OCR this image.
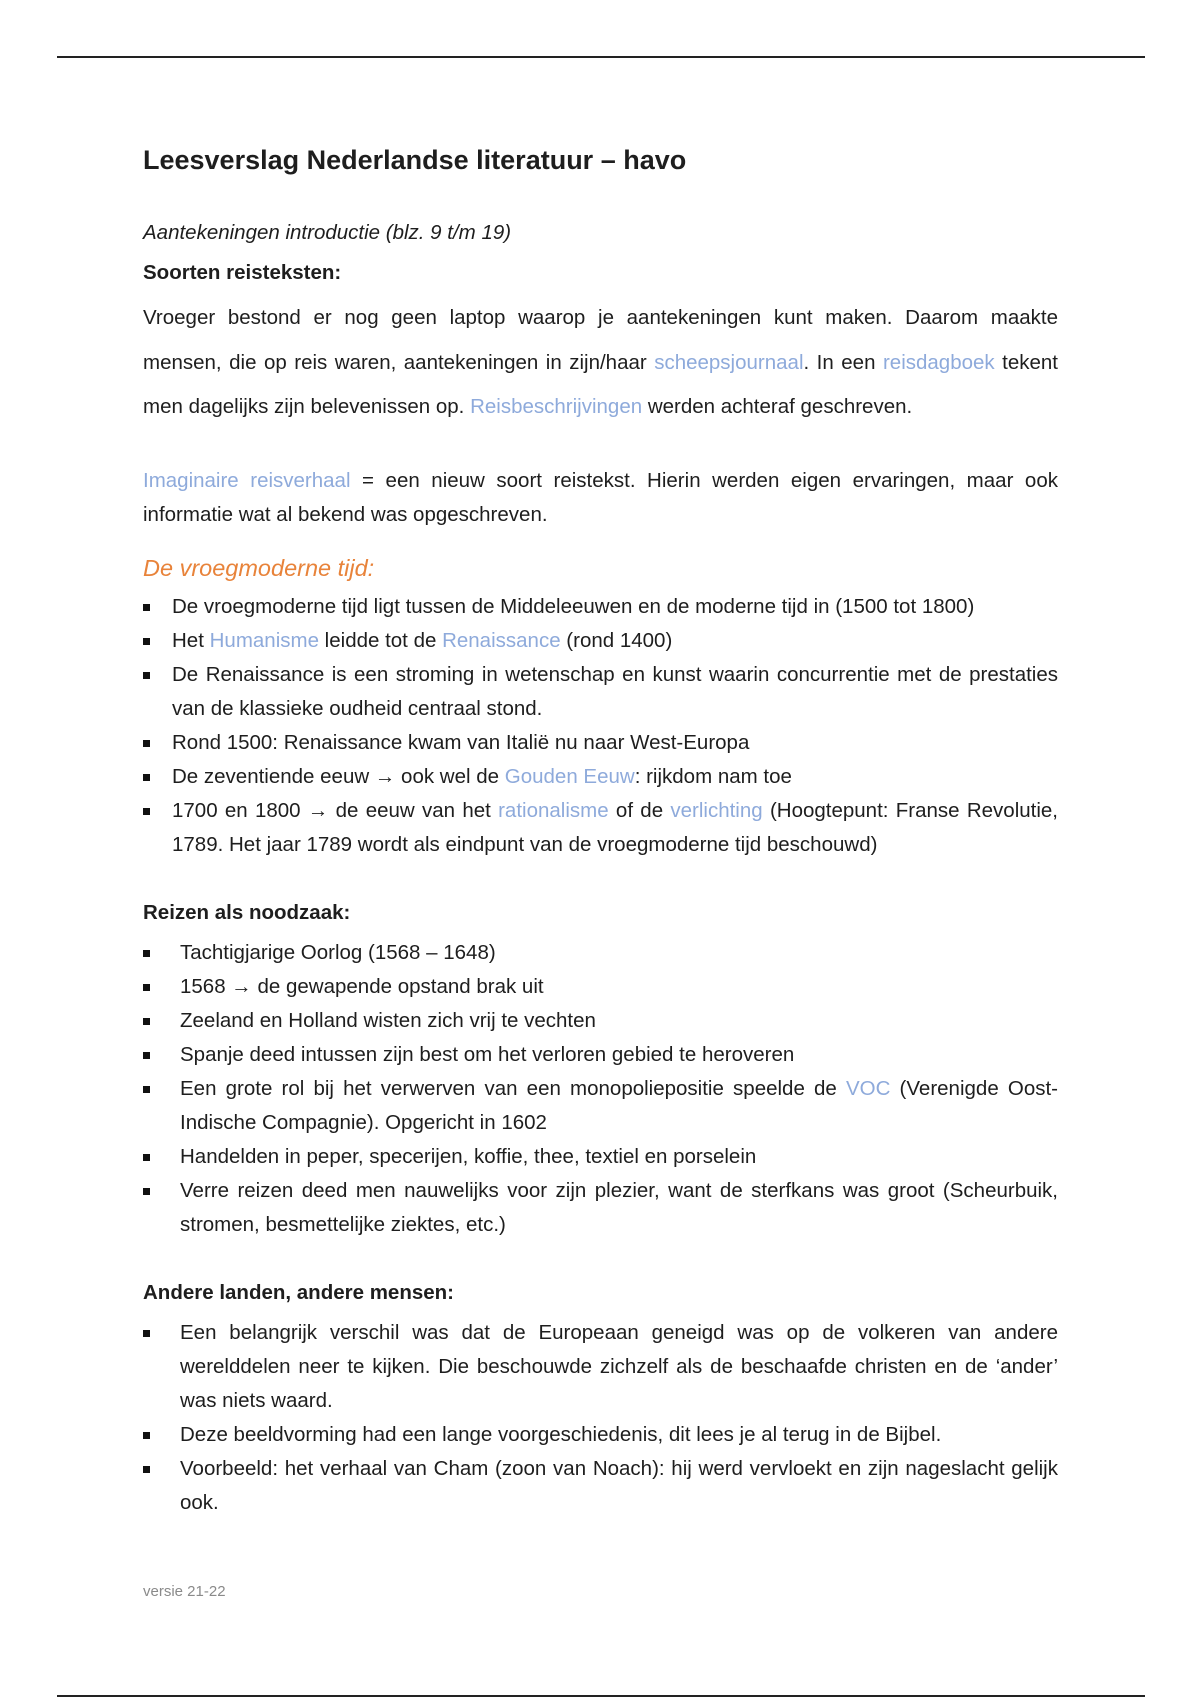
Leesverslag Nederlandse literatuur – havo

Aantekeningen introductie (blz. 9 t/m 19)

Soorten reisteksten:

Vroeger bestond er nog geen laptop waarop je aantekeningen kunt maken. Daarom maakte mensen, die op reis waren, aantekeningen in zijn/haar scheepsjournaal. In een reisdagboek tekent men dagelijks zijn belevenissen op. Reisbeschrijvingen werden achteraf geschreven.

Imaginaire reisverhaal = een nieuw soort reistekst. Hierin werden eigen ervaringen, maar ook informatie wat al bekend was opgeschreven.

De vroegmoderne tijd:

De vroegmoderne tijd ligt tussen de Middeleeuwen en de moderne tijd in (1500 tot 1800)
Het Humanisme leidde tot de Renaissance (rond 1400)
De Renaissance is een stroming in wetenschap en kunst waarin concurrentie met de prestaties van de klassieke oudheid centraal stond.
Rond 1500: Renaissance kwam van Italië nu naar West-Europa
De zeventiende eeuw → ook wel de Gouden Eeuw: rijkdom nam toe
1700 en 1800 → de eeuw van het rationalisme of de verlichting (Hoogtepunt: Franse Revolutie, 1789. Het jaar 1789 wordt als eindpunt van de vroegmoderne tijd beschouwd)

Reizen als noodzaak:

Tachtigjarige Oorlog (1568 – 1648)
1568 → de gewapende opstand brak uit
Zeeland en Holland wisten zich vrij te vechten
Spanje deed intussen zijn best om het verloren gebied te heroveren
Een grote rol bij het verwerven van een monopoliepositie speelde de VOC (Verenigde Oost-Indische Compagnie). Opgericht in 1602
Handelden in peper, specerijen, koffie, thee, textiel en porselein
Verre reizen deed men nauwelijks voor zijn plezier, want de sterfkans was groot (Scheurbuik, stromen, besmettelijke ziektes, etc.)

Andere landen, andere mensen:

Een belangrijk verschil was dat de Europeaan geneigd was op de volkeren van andere werelddelen neer te kijken. Die beschouwde zichzelf als de beschaafde christen en de ‘ander’ was niets waard.
Deze beeldvorming had een lange voorgeschiedenis, dit lees je al terug in de Bijbel.
Voorbeeld: het verhaal van Cham (zoon van Noach): hij werd vervloekt en zijn nageslacht gelijk ook.
versie 21-22
